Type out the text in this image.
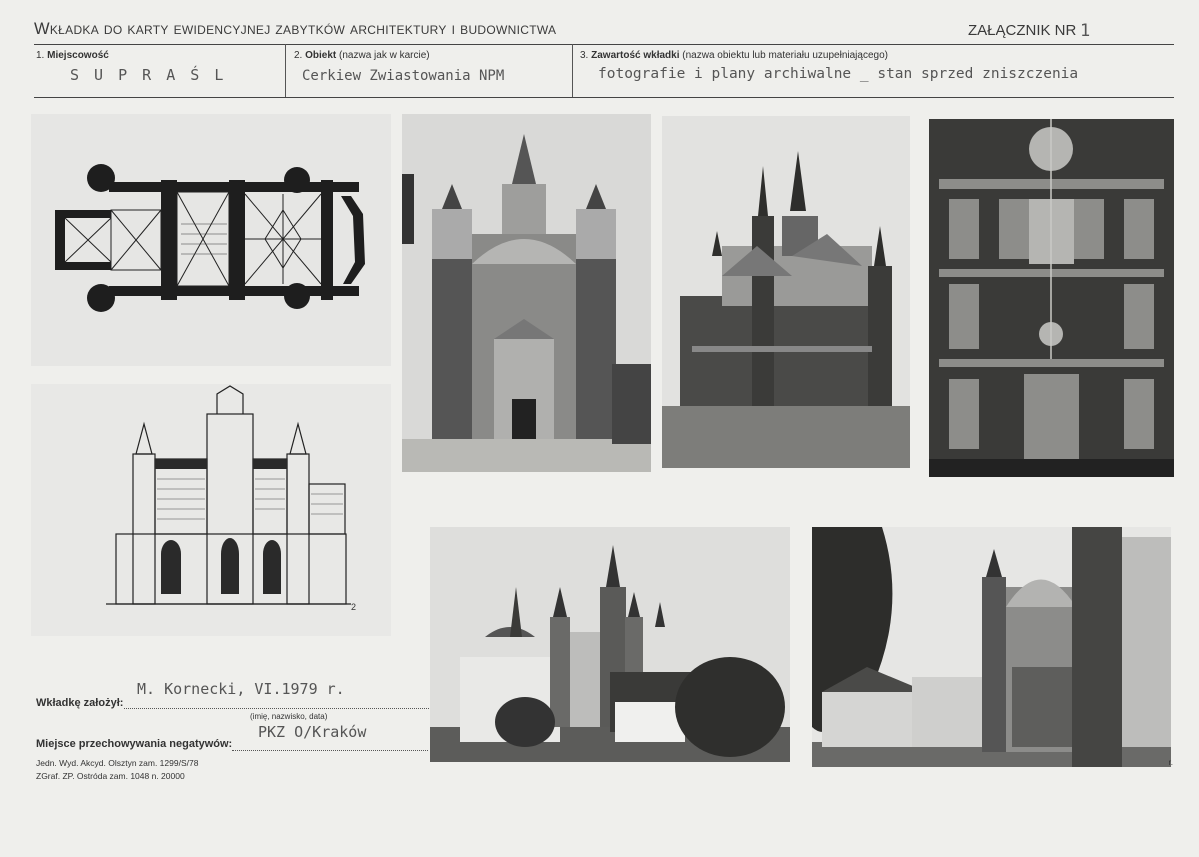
Wkładka do karty ewidencyjnej zabytków architektury i budownictwa	ZAŁĄCZNIK NR 1
1. Miejscowość
S U P R A Ś L
2. Obiekt (nazwa jak w karcie)
Cerkiew Zwiastowania NPM
3. Zawartość wkładki (nazwa obiektu lub materiału uzupełniającego)
fotografie i plany archiwalne _ stan sprzed zniszczenia
2
r.
Wkładkę założył:
M. Kornecki, VI.1979 r.
(imię, nazwisko, data)
Miejsce przechowywania negatywów:
PKZ O/Kraków
Jedn. Wyd. Akcyd. Olsztyn zam. 1299/S/78
ZGraf. ZP. Ostróda zam. 1048 n. 20000
